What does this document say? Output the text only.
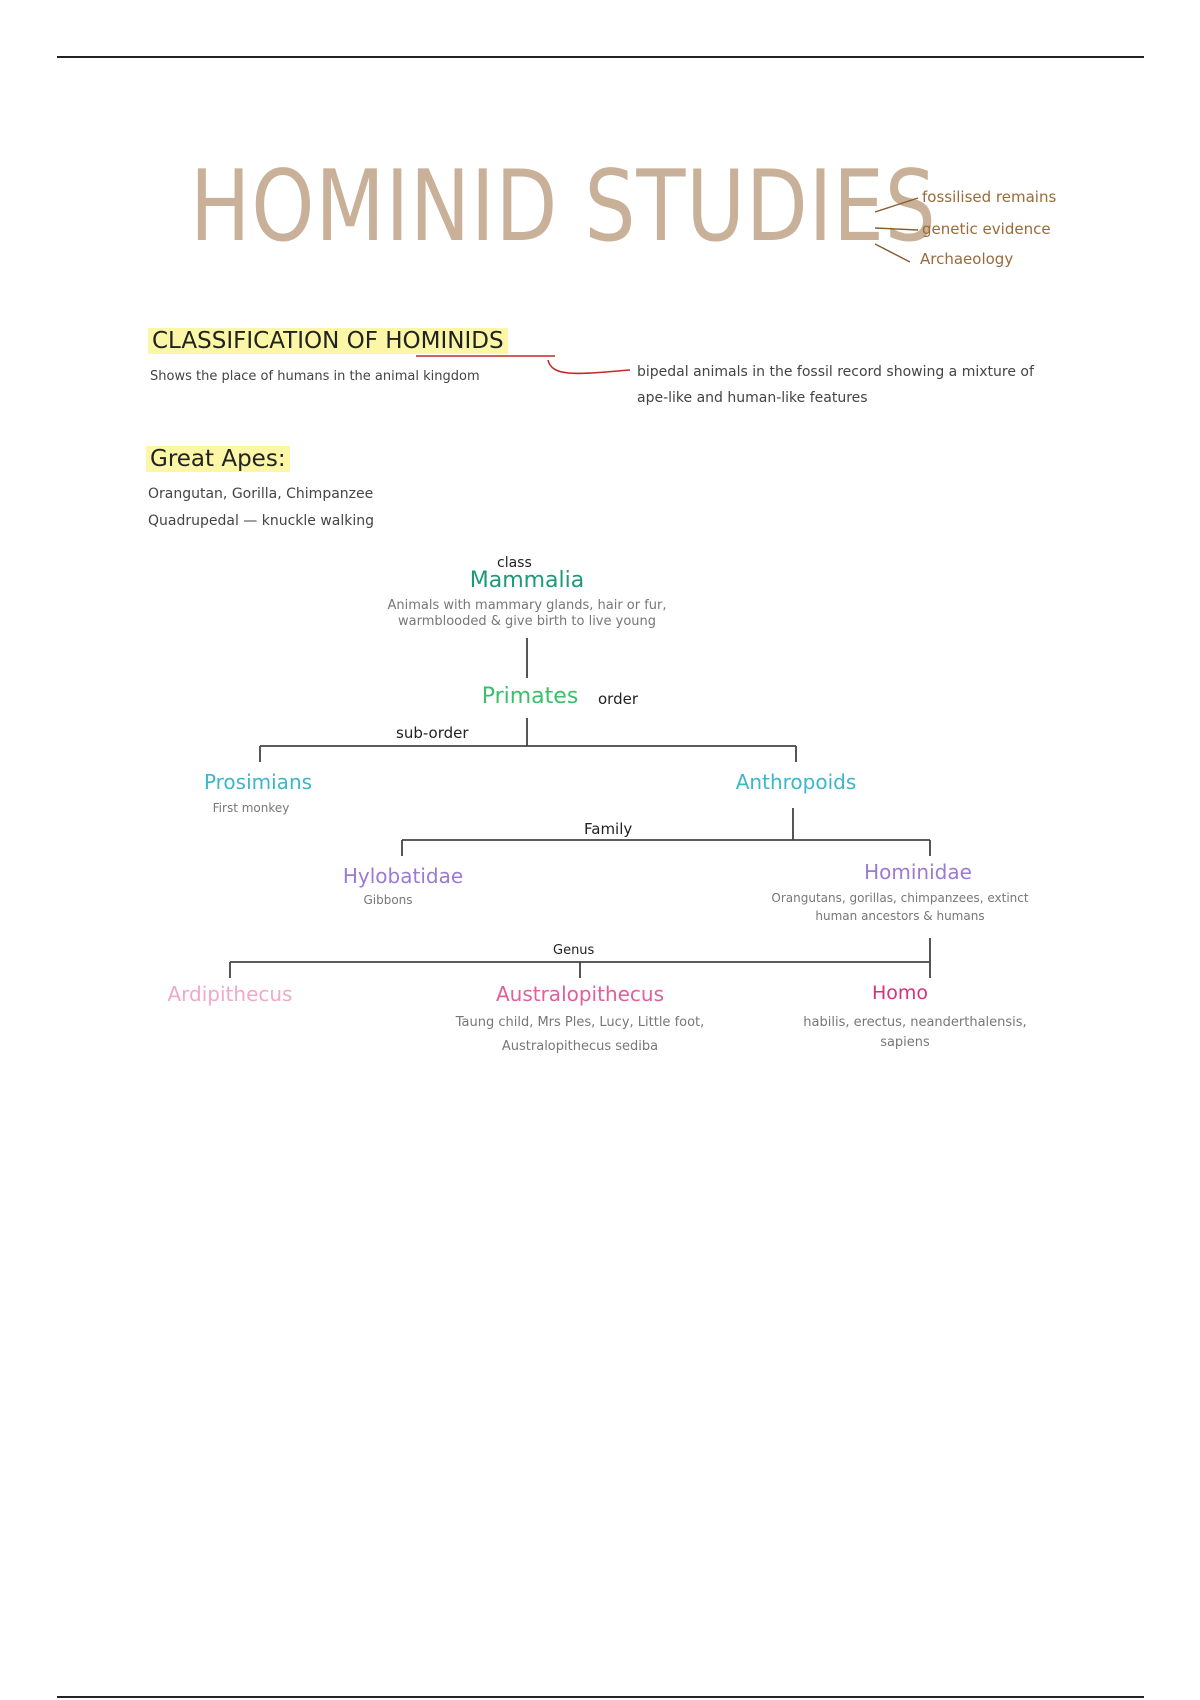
HOMINID STUDIES
fossilised remains
genetic evidence
Archaeology
CLASSIFICATION OF HOMINIDS
Shows the place of humans in the animal kingdom	bipedal animals in the fossil record showing a mixture of
ape-like and human-like features
Great Apes:
Orangutan, Gorilla, Chimpanzee
Quadrupedal — knuckle walking
class
Mammalia
Animals with mammary glands, hair or fur,
warmblooded & give birth to live young
Primates	order
sub-order
Prosimians
First monkey
Anthropoids
Family
Hylobatidae
Gibbons
Hominidae
Orangutans, gorillas, chimpanzees, extinct
human ancestors & humans
Genus
Ardipithecus	Australopithecus
Taung child, Mrs Ples, Lucy, Little foot,
Australopithecus sediba
Homo
habilis, erectus, neanderthalensis,
sapiens
